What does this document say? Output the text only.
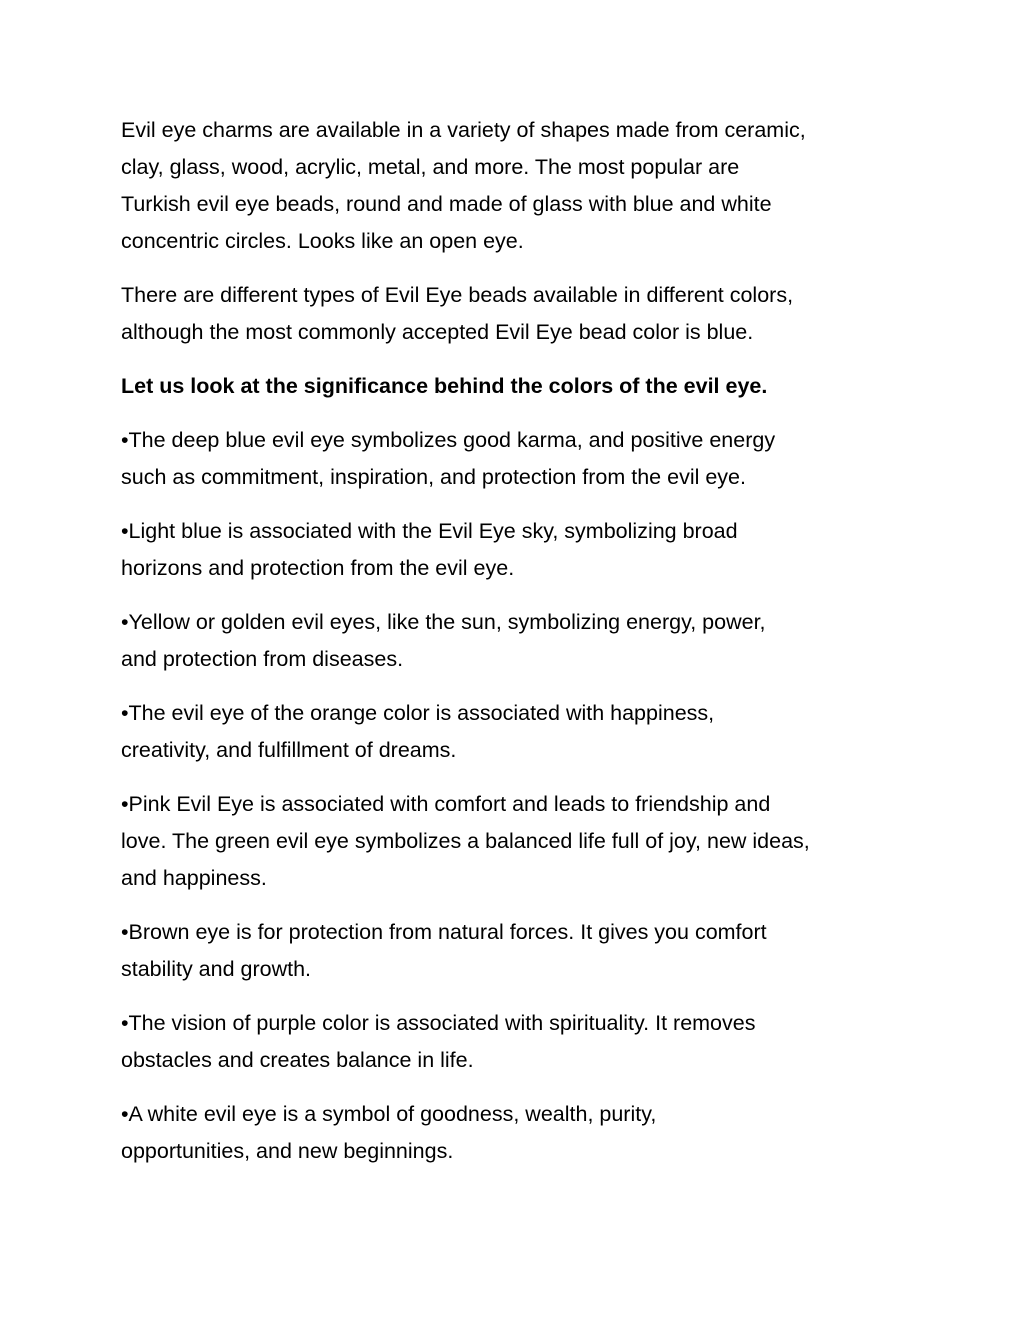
Evil eye charms are available in a variety of shapes made from ceramic,
clay, glass, wood, acrylic, metal, and more. The most popular are
Turkish evil eye beads, round and made of glass with blue and white
concentric circles. Looks like an open eye.

There are different types of Evil Eye beads available in different colors,
although the most commonly accepted Evil Eye bead color is blue.

Let us look at the significance behind the colors of the evil eye.

•The deep blue evil eye symbolizes good karma, and positive energy
such as commitment, inspiration, and protection from the evil eye.

•Light blue is associated with the Evil Eye sky, symbolizing broad
horizons and protection from the evil eye.

•Yellow or golden evil eyes, like the sun, symbolizing energy, power,
and protection from diseases.

•The evil eye of the orange color is associated with happiness,
creativity, and fulfillment of dreams.

•Pink Evil Eye is associated with comfort and leads to friendship and
love. The green evil eye symbolizes a balanced life full of joy, new ideas,
and happiness.

•Brown eye is for protection from natural forces. It gives you comfort
stability and growth.

•The vision of purple color is associated with spirituality. It removes
obstacles and creates balance in life.

•A white evil eye is a symbol of goodness, wealth, purity,
opportunities, and new beginnings.
